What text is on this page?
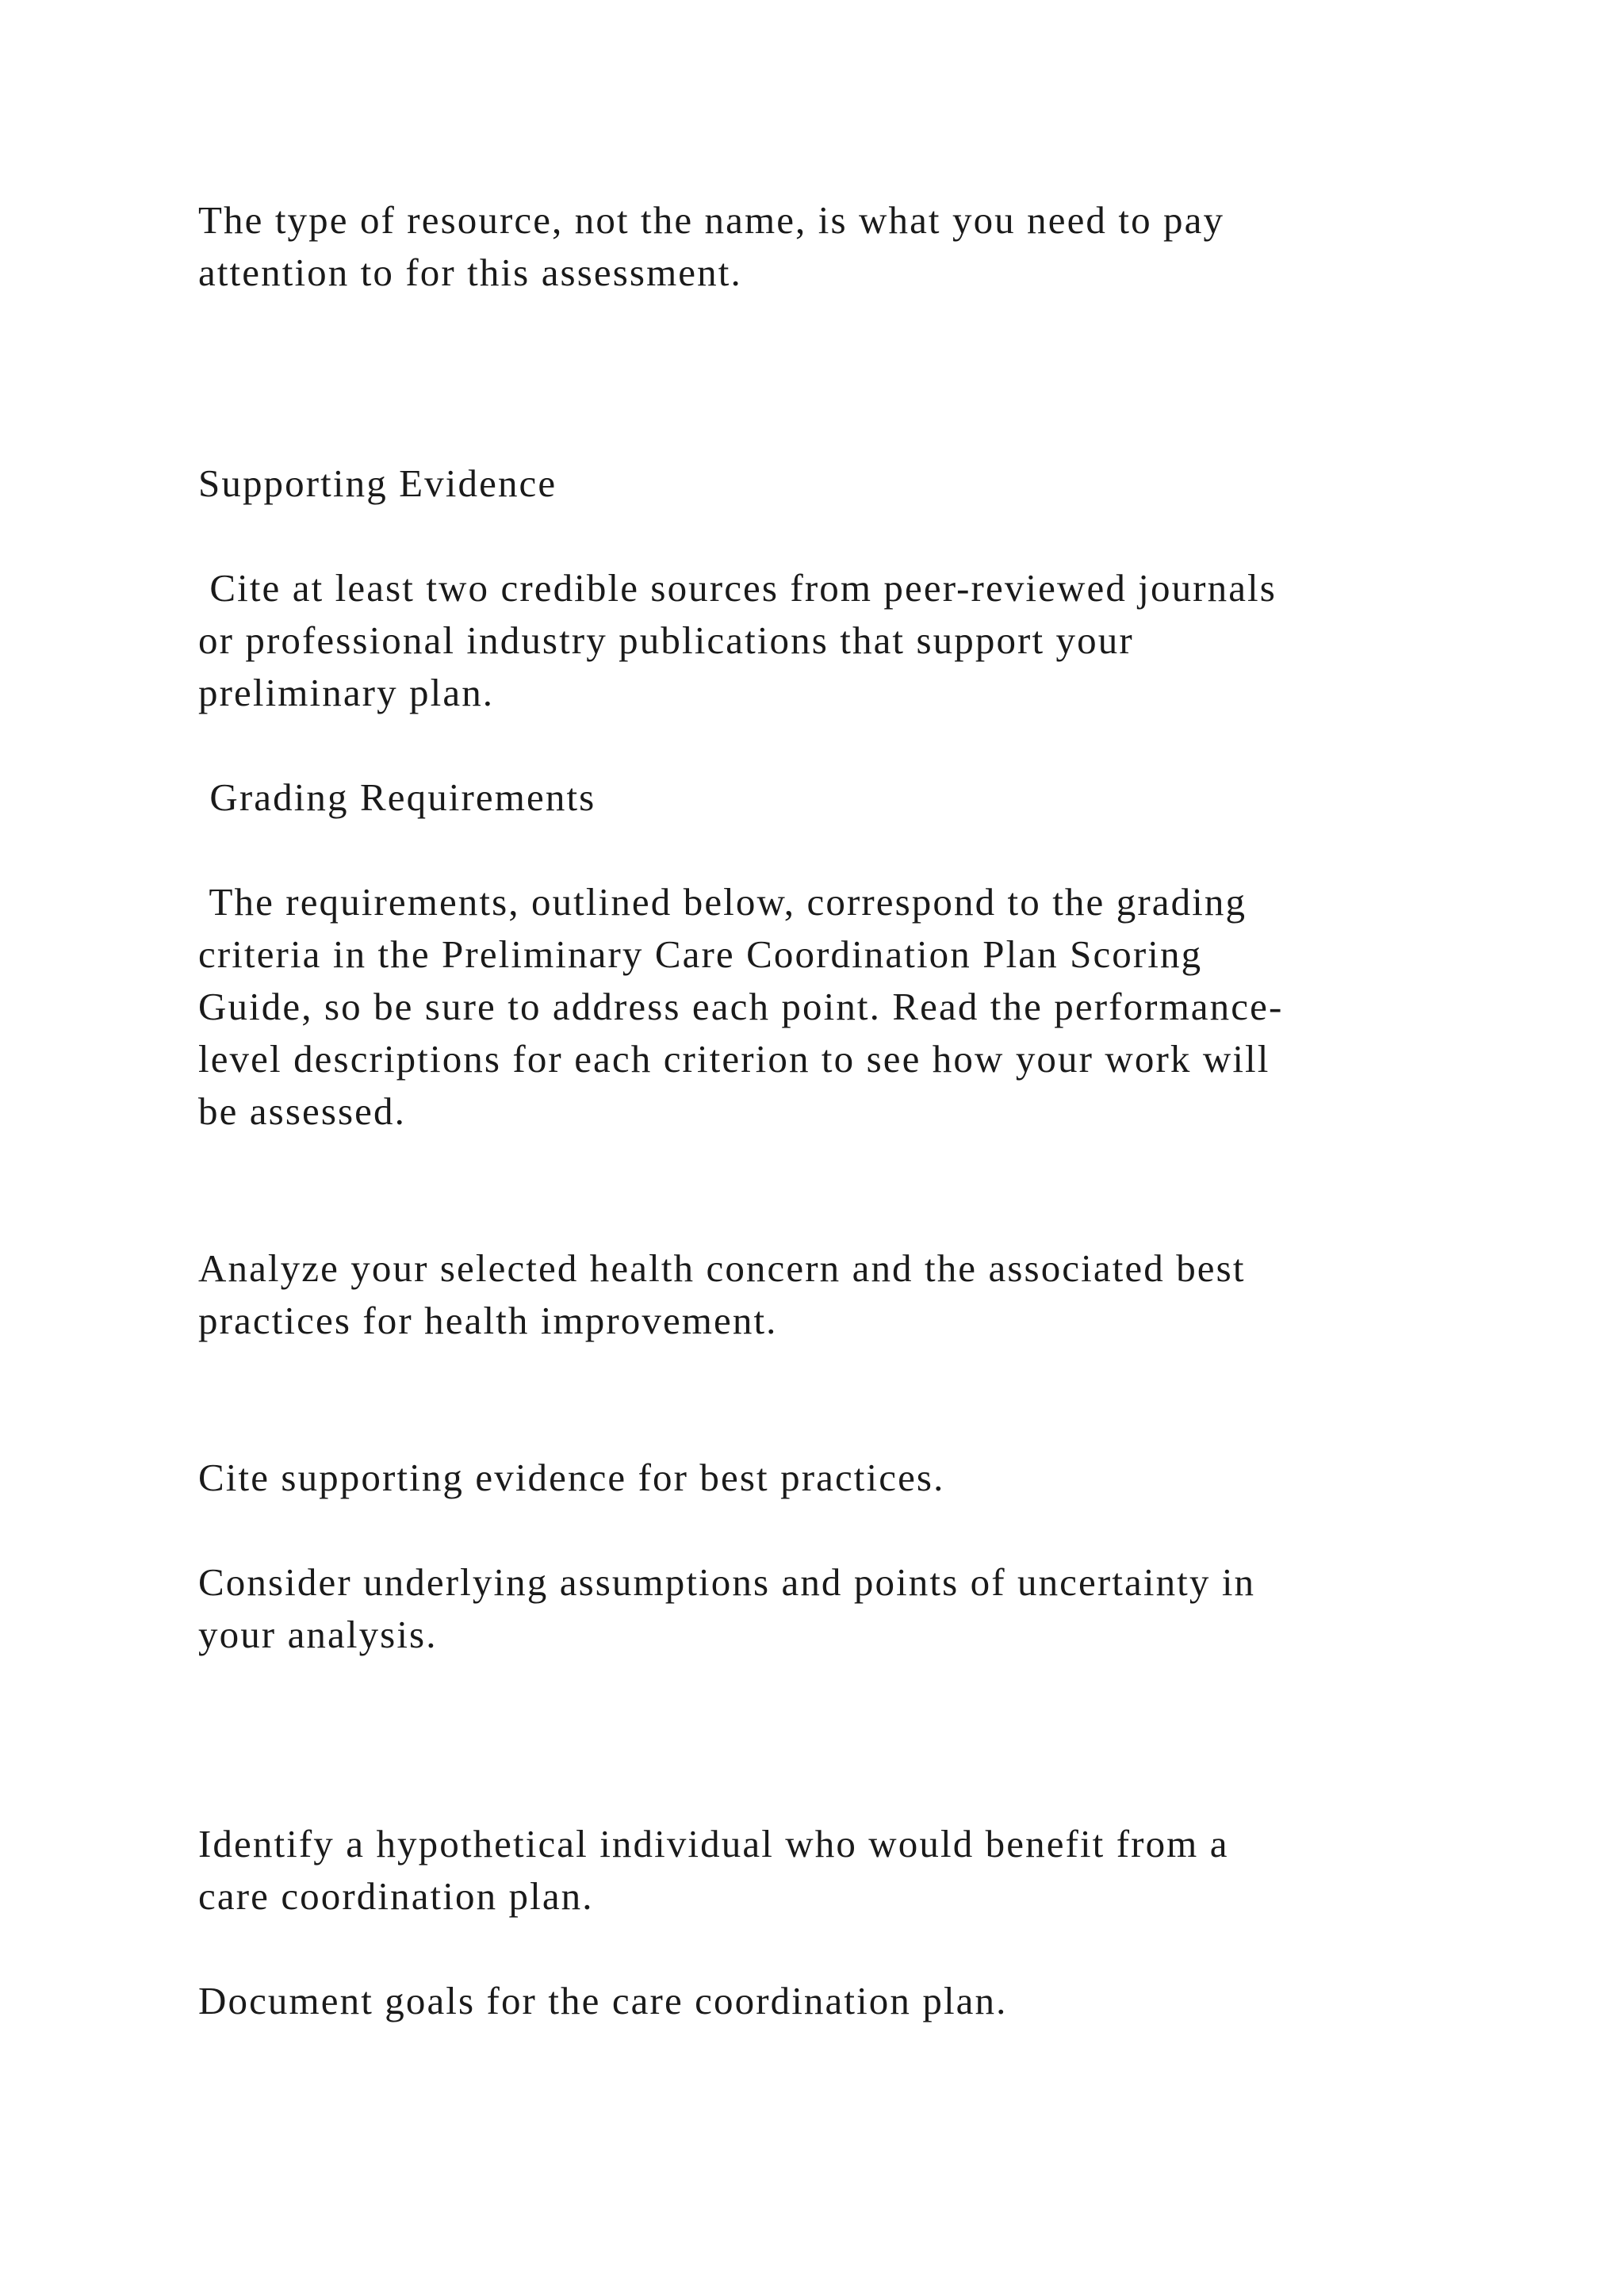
The type of resource, not the name, is what you need to pay

attention to for this assessment.

Supporting Evidence

Cite at least two credible sources from peer-reviewed journals

or professional industry publications that support your

preliminary plan.

Grading Requirements

The requirements, outlined below, correspond to the grading

criteria in the Preliminary Care Coordination Plan Scoring

Guide, so be sure to address each point. Read the performance-

level descriptions for each criterion to see how your work will

be assessed.

Analyze your selected health concern and the associated best

practices for health improvement.

Cite supporting evidence for best practices.

Consider underlying assumptions and points of uncertainty in

your analysis.

Identify a hypothetical individual who would benefit from a

care coordination plan.

Document goals for the care coordination plan.
